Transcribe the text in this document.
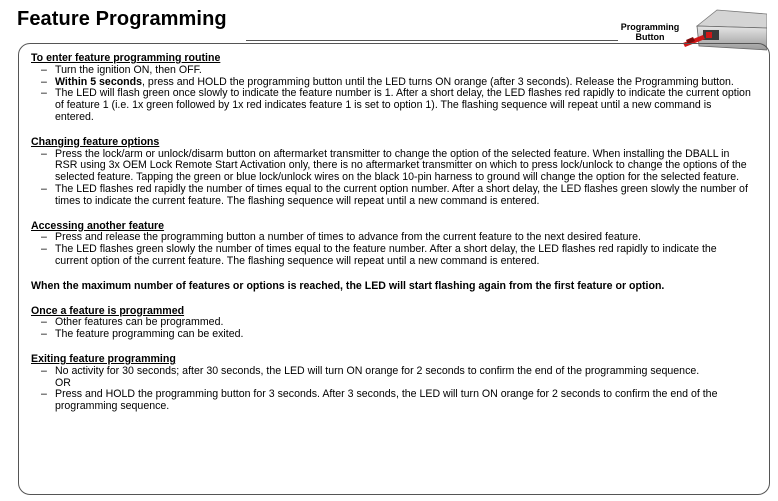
Feature Programming	Programming
Button
To enter feature programming routine
– Turn the ignition ON, then OFF.
– Within 5 seconds, press and HOLD the programming button until the LED turns ON orange (after 3 seconds). Release the Programming button.
– The LED will flash green once slowly to indicate the feature number is 1. After a short delay, the LED flashes red rapidly to indicate the current option of feature 1 (i.e. 1x green followed by 1x red indicates feature 1 is set to option 1). The flashing sequence will repeat until a new command is entered.
Changing feature options
– Press the lock/arm or unlock/disarm button on aftermarket transmitter to change the option of the selected feature. When installing the DBALL in RSR using 3x OEM Lock Remote Start Activation only, there is no aftermarket transmitter on which to press lock/unlock to change the options of the selected feature. Tapping the green or blue lock/unlock wires on the black 10-pin harness to ground will change the option for the selected feature.
– The LED flashes red rapidly the number of times equal to the current option number. After a short delay, the LED flashes green slowly the number of times to indicate the current feature. The flashing sequence will repeat until a new command is entered.
Accessing another feature
– Press and release the programming button a number of times to advance from the current feature to the next desired feature.
– The LED flashes green slowly the number of times equal to the feature number. After a short delay, the LED flashes red rapidly to indicate the current option of the current feature. The flashing sequence will repeat until a new command is entered.
When the maximum number of features or options is reached, the LED will start flashing again from the first feature or option.
Once a feature is programmed
– Other features can be programmed.
– The feature programming can be exited.
Exiting feature programming
– No activity for 30 seconds; after 30 seconds, the LED will turn ON orange for 2 seconds to confirm the end of the programming sequence.
OR
– Press and HOLD the programming button for 3 seconds. After 3 seconds, the LED will turn ON orange for 2 seconds to confirm the end of the programming sequence.
